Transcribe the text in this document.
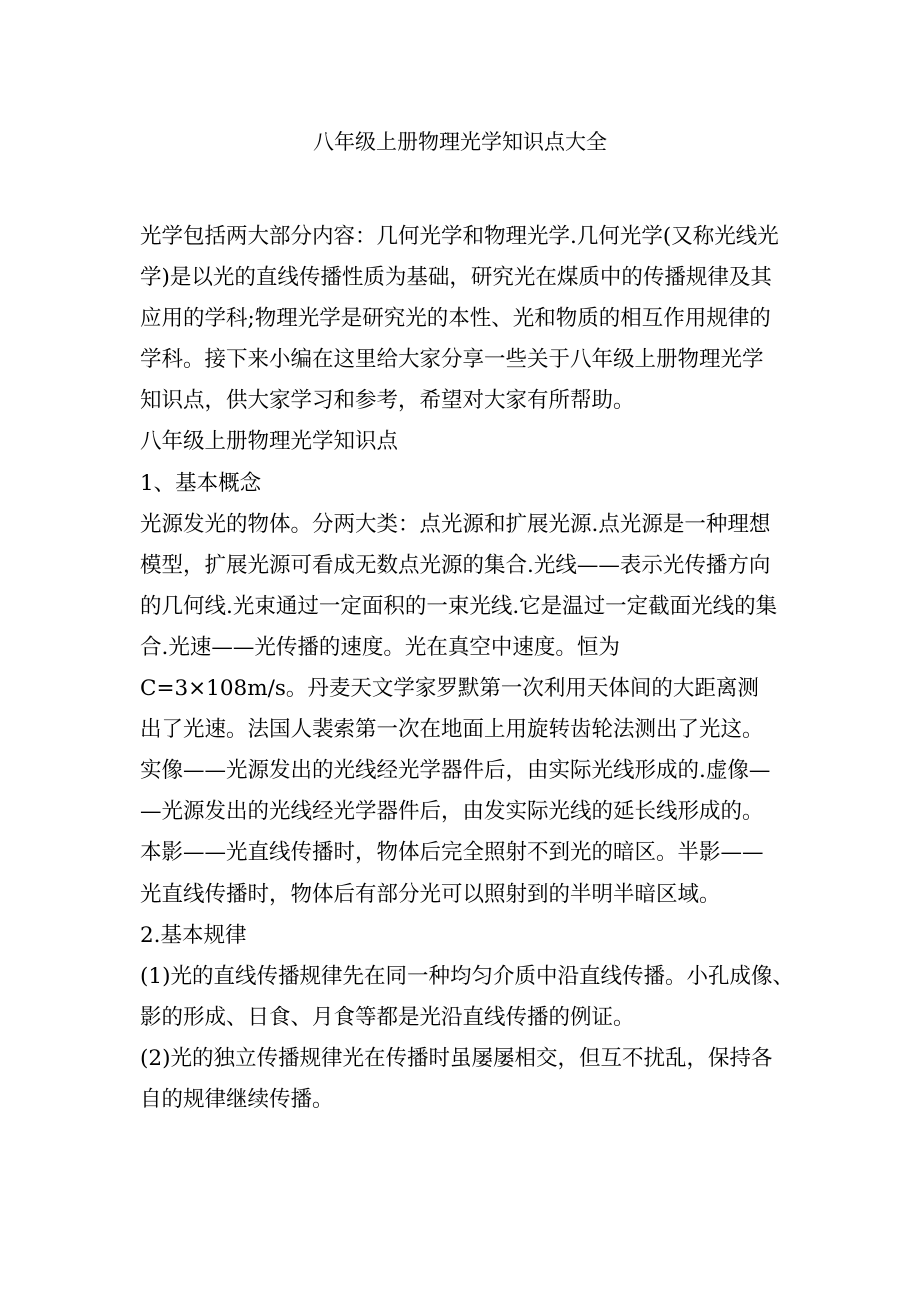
八年级上册物理光学知识点大全
光学包括两大部分内容：几何光学和物理光学.几何光学(又称光线光
学)是以光的直线传播性质为基础，研究光在煤质中的传播规律及其
应用的学科;物理光学是研究光的本性、光和物质的相互作用规律的
学科。接下来小编在这里给大家分享一些关于八年级上册物理光学
知识点，供大家学习和参考，希望对大家有所帮助。
八年级上册物理光学知识点
1、基本概念
光源发光的物体。分两大类：点光源和扩展光源.点光源是一种理想
模型，扩展光源可看成无数点光源的集合.光线——表示光传播方向
的几何线.光束通过一定面积的一束光线.它是温过一定截面光线的集
合.光速——光传播的速度。光在真空中速度。恒为
C=3×108m/s。丹麦天文学家罗默第一次利用天体间的大距离测
出了光速。法国人裴索第一次在地面上用旋转齿轮法测出了光这。
实像——光源发出的光线经光学器件后，由实际光线形成的.虚像—
—光源发出的光线经光学器件后，由发实际光线的延长线形成的。
本影——光直线传播时，物体后完全照射不到光的暗区。半影——
光直线传播时，物体后有部分光可以照射到的半明半暗区域。
2.基本规律
(1)光的直线传播规律先在同一种均匀介质中沿直线传播。小孔成像、
影的形成、日食、月食等都是光沿直线传播的例证。
(2)光的独立传播规律光在传播时虽屡屡相交，但互不扰乱，保持各
自的规律继续传播。
